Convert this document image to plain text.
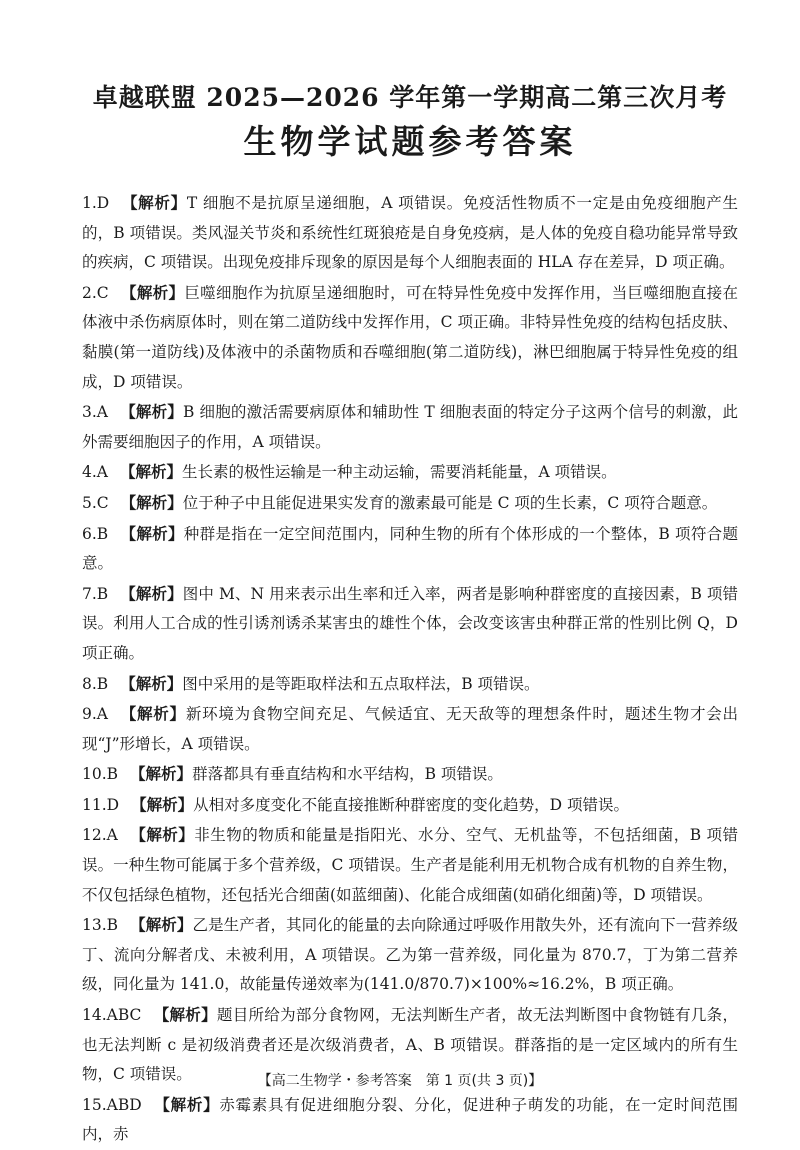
卓越联盟 2025—2026 学年第一学期高二第三次月考
生物学试题参考答案

1.D 【解析】T 细胞不是抗原呈递细胞，A 项错误。免疫活性物质不一定是由免疫细胞产生的，B 项错误。类风湿关节炎和系统性红斑狼疮是自身免疫病，是人体的免疫自稳功能异常导致的疾病，C 项错误。出现免疫排斥现象的原因是每个人细胞表面的 HLA 存在差异，D 项正确。

2.C 【解析】巨噬细胞作为抗原呈递细胞时，可在特异性免疫中发挥作用，当巨噬细胞直接在体液中杀伤病原体时，则在第二道防线中发挥作用，C 项正确。非特异性免疫的结构包括皮肤、黏膜(第一道防线)及体液中的杀菌物质和吞噬细胞(第二道防线)，淋巴细胞属于特异性免疫的组成，D 项错误。

3.A 【解析】B 细胞的激活需要病原体和辅助性 T 细胞表面的特定分子这两个信号的刺激，此外需要细胞因子的作用，A 项错误。

4.A 【解析】生长素的极性运输是一种主动运输，需要消耗能量，A 项错误。

5.C 【解析】位于种子中且能促进果实发育的激素最可能是 C 项的生长素，C 项符合题意。

6.B 【解析】种群是指在一定空间范围内，同种生物的所有个体形成的一个整体，B 项符合题意。

7.B 【解析】图中 M、N 用来表示出生率和迁入率，两者是影响种群密度的直接因素，B 项错误。利用人工合成的性引诱剂诱杀某害虫的雄性个体，会改变该害虫种群正常的性别比例 Q，D 项正确。

8.B 【解析】图中采用的是等距取样法和五点取样法，B 项错误。

9.A 【解析】新环境为食物空间充足、气候适宜、无天敌等的理想条件时，题述生物才会出现“J”形增长，A 项错误。

10.B 【解析】群落都具有垂直结构和水平结构，B 项错误。

11.D 【解析】从相对多度变化不能直接推断种群密度的变化趋势，D 项错误。

12.A 【解析】非生物的物质和能量是指阳光、水分、空气、无机盐等，不包括细菌，B 项错误。一种生物可能属于多个营养级，C 项错误。生产者是能利用无机物合成有机物的自养生物，不仅包括绿色植物，还包括光合细菌(如蓝细菌)、化能合成细菌(如硝化细菌)等，D 项错误。

13.B 【解析】乙是生产者，其同化的能量的去向除通过呼吸作用散失外，还有流向下一营养级丁、流向分解者戊、未被利用，A 项错误。乙为第一营养级，同化量为 870.7，丁为第二营养级，同化量为 141.0，故能量传递效率为(141.0/870.7)×100%≈16.2%，B 项正确。

14.ABC 【解析】题目所给为部分食物网，无法判断生产者，故无法判断图中食物链有几条，也无法判断 c 是初级消费者还是次级消费者，A、B 项错误。群落指的是一定区域内的所有生物，C 项错误。

15.ABD 【解析】赤霉素具有促进细胞分裂、分化，促进种子萌发的功能，在一定时间范围内，赤

【高二生物学・参考答案　第 1 页(共 3 页)】
